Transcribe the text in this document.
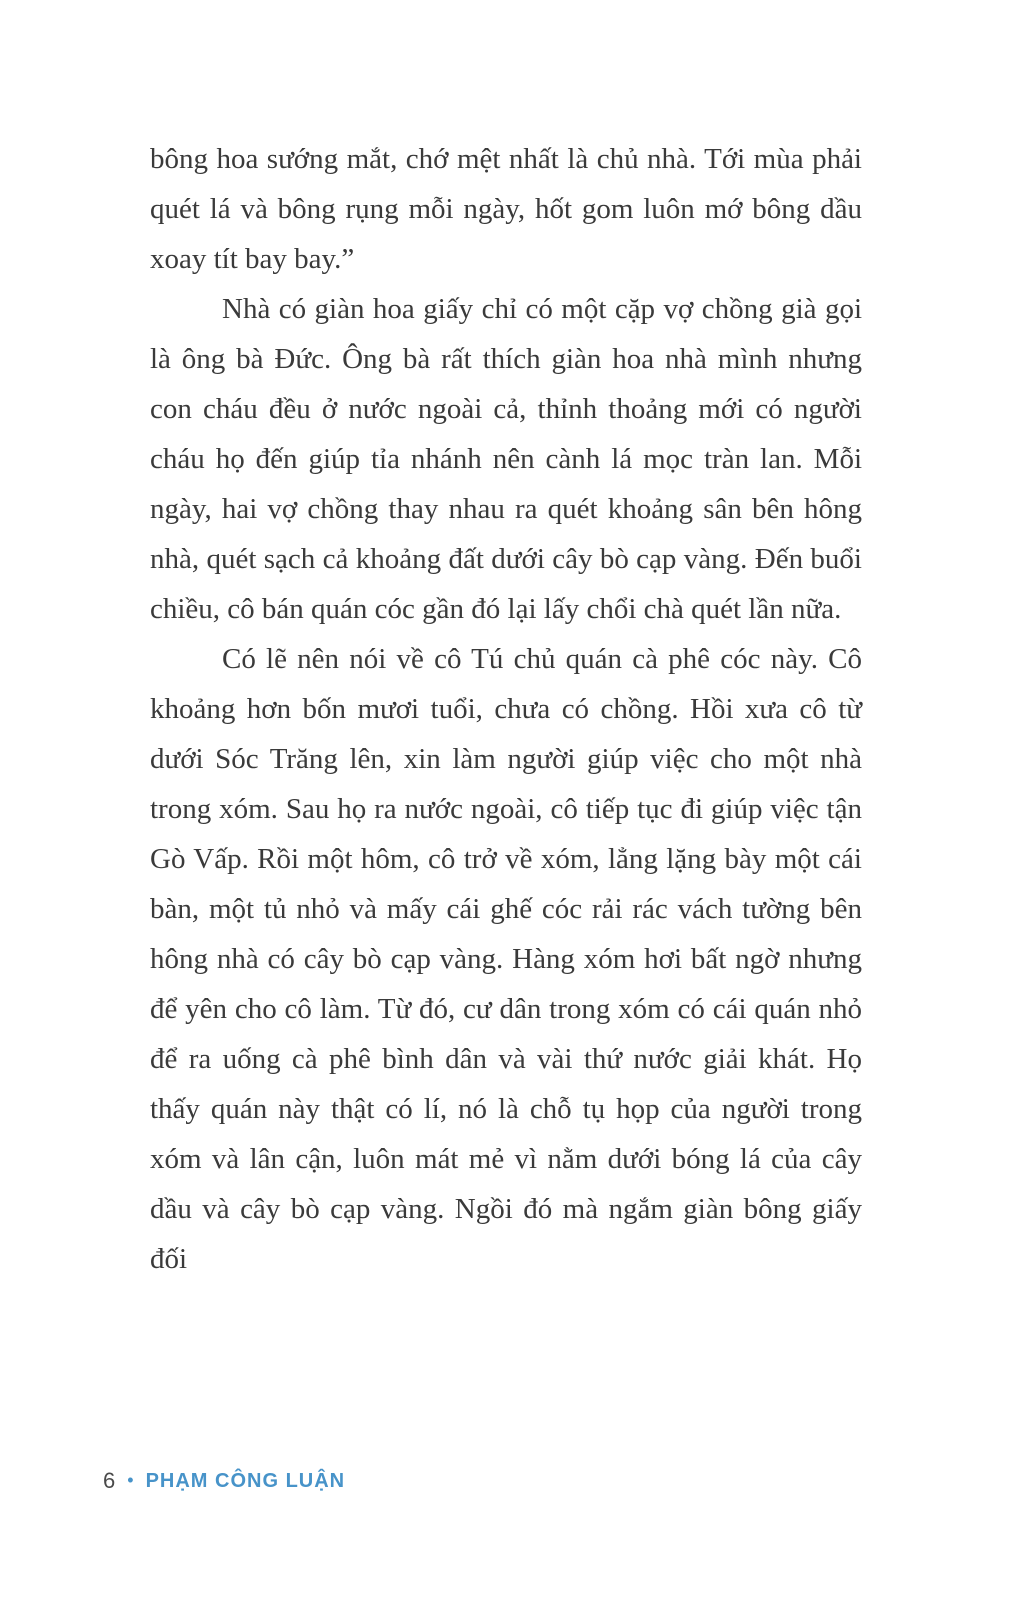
bông hoa sướng mắt, chớ mệt nhất là chủ nhà. Tới mùa phải quét lá và bông rụng mỗi ngày, hốt gom luôn mớ bông dầu xoay tít bay bay.”

Nhà có giàn hoa giấy chỉ có một cặp vợ chồng già gọi là ông bà Đức. Ông bà rất thích giàn hoa nhà mình nhưng con cháu đều ở nước ngoài cả, thỉnh thoảng mới có người cháu họ đến giúp tỉa nhánh nên cành lá mọc tràn lan. Mỗi ngày, hai vợ chồng thay nhau ra quét khoảng sân bên hông nhà, quét sạch cả khoảng đất dưới cây bò cạp vàng. Đến buổi chiều, cô bán quán cóc gần đó lại lấy chổi chà quét lần nữa.

Có lẽ nên nói về cô Tú chủ quán cà phê cóc này. Cô khoảng hơn bốn mươi tuổi, chưa có chồng. Hồi xưa cô từ dưới Sóc Trăng lên, xin làm người giúp việc cho một nhà trong xóm. Sau họ ra nước ngoài, cô tiếp tục đi giúp việc tận Gò Vấp. Rồi một hôm, cô trở về xóm, lẳng lặng bày một cái bàn, một tủ nhỏ và mấy cái ghế cóc rải rác vách tường bên hông nhà có cây bò cạp vàng. Hàng xóm hơi bất ngờ nhưng để yên cho cô làm. Từ đó, cư dân trong xóm có cái quán nhỏ để ra uống cà phê bình dân và vài thứ nước giải khát. Họ thấy quán này thật có lí, nó là chỗ tụ họp của người trong xóm và lân cận, luôn mát mẻ vì nằm dưới bóng lá của cây dầu và cây bò cạp vàng. Ngồi đó mà ngắm giàn bông giấy đối

6 • PHẠM CÔNG LUẬN
